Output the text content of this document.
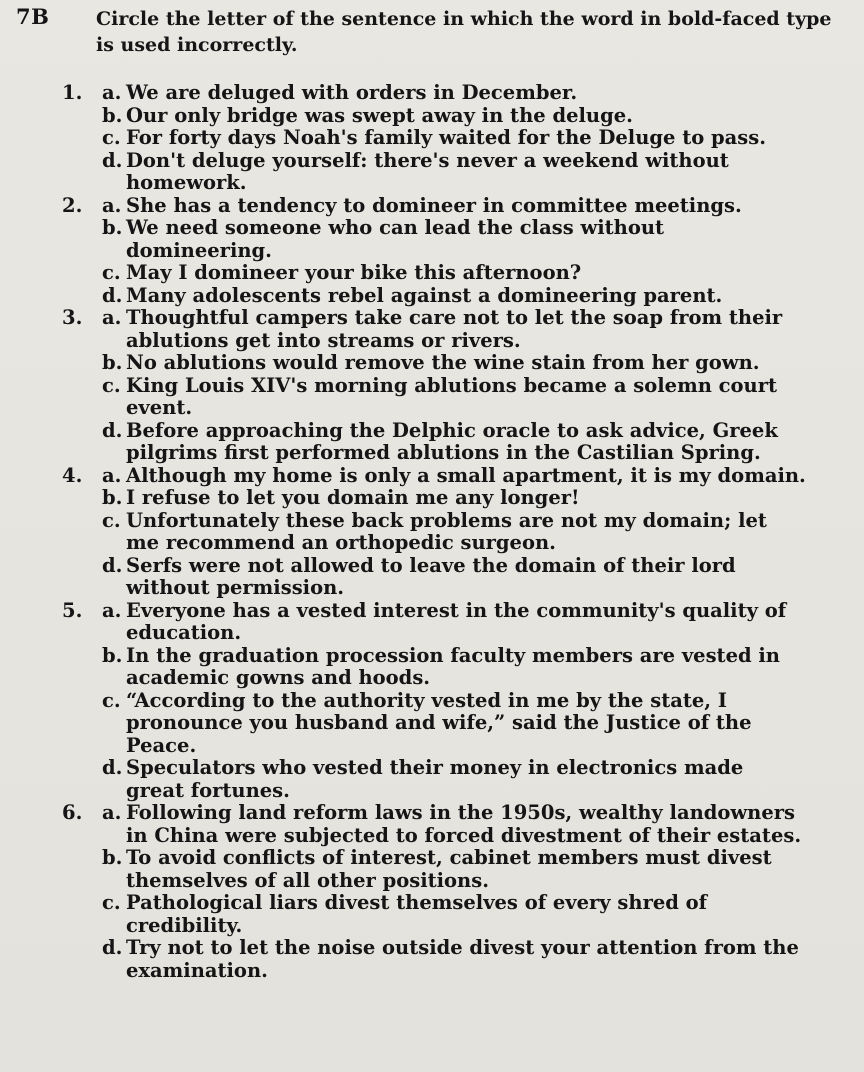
7B Circle the letter of the sentence in which the word in bold-faced type is used incorrectly.
1.	a. We are deluged with orders in December.
b. Our only bridge was swept away in the deluge.
c. For forty days Noah's family waited for the Deluge to pass.
d. Don't deluge yourself: there's never a weekend without homework.
2.	a. She has a tendency to domineer in committee meetings.
b. We need someone who can lead the class without domineering.
c. May I domineer your bike this afternoon?
d. Many adolescents rebel against a domineering parent.
3.	a. Thoughtful campers take care not to let the soap from their ablutions get into streams or rivers.
b. No ablutions would remove the wine stain from her gown.
c. King Louis XIV's morning ablutions became a solemn court event.
d. Before approaching the Delphic oracle to ask advice, Greek pilgrims first performed ablutions in the Castilian Spring.
4.	a. Although my home is only a small apartment, it is my domain.
b. I refuse to let you domain me any longer!
c. Unfortunately these back problems are not my domain; let me recommend an orthopedic surgeon.
d. Serfs were not allowed to leave the domain of their lord without permission.
5.	a. Everyone has a vested interest in the community's quality of education.
b. In the graduation procession faculty members are vested in academic gowns and hoods.
c. “According to the authority vested in me by the state, I pronounce you husband and wife,” said the Justice of the Peace.
d. Speculators who vested their money in electronics made great fortunes.
6.	a. Following land reform laws in the 1950s, wealthy landowners in China were subjected to forced divestment of their estates.
b. To avoid conflicts of interest, cabinet members must divest themselves of all other positions.
c. Pathological liars divest themselves of every shred of credibility.
d. Try not to let the noise outside divest your attention from the examination.
